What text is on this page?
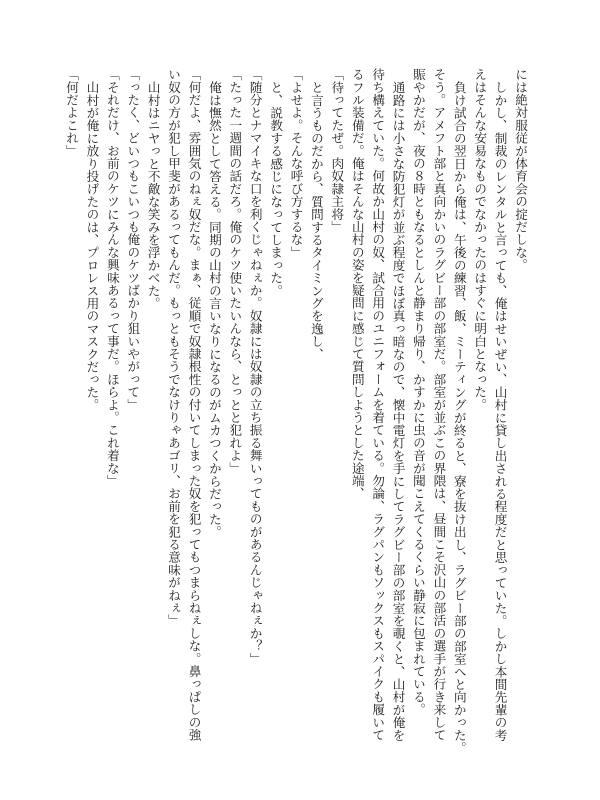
には絶対服従が体育会の掟だしな。
しかし、制裁のレンタルと言っても、俺はせいぜい、山村に貸し出される程度だと思っていた。しかし本間先輩の考
えはそんな安易なものでなかったのはすぐに明白となった。
負け試合の翌日から俺は、午後の練習、飯、ミーティングが終ると、寮を抜け出し、ラグビー部の部室へと向かった。
そう。アメフト部と真向かいのラグビー部の部室だ。部室が並ぶこの界隈は、昼間こそ沢山の部活の選手が行き来して
賑やかだが、夜の８時ともなるとしんと静まり帰り、かすかに虫の音が聞こえてくるくらい静寂に包まれている。
通路には小さな防犯灯が並ぶ程度でほぼ真っ暗なので、懐中電灯を手にしてラグビー部の部室を覗くと、山村が俺を
待ち構えていた。何故か山村の奴、試合用のユニフォームを着ている。勿論、ラグパンもソックスもスパイクも履いて
るフル装備だ。俺はそんな山村の姿を疑問に感じて質問しようとした途端、
「待ってたぜ。肉奴隷主将」
と言うものだから、質問するタイミングを逸し、
「よせよ。そんな呼び方するな」
と、説教する感じになってしまった。
「随分とナマイキな口を利くじゃねぇか。奴隷には奴隷の立ち振る舞いってものがあるんじゃねぇか？」
「たった一週間の話だろ。俺のケツ使いたいんなら、とっとと犯れよ」
俺は憮然として答える。同期の山村の言いなりになるのがムカつくからだった。
「何だよ、雰囲気のねぇ奴だな。まぁ、従順で奴隷根性の付いてしまった奴を犯ってもつまらねぇしな。鼻っぱしの強
い奴の方が犯し甲斐があるってもんだ。もっともそうでなけりゃあゴリ、お前を犯る意味がねぇ」
山村はニヤっと不敵な笑みを浮かべた。
「ったく、どいつもこいつも俺のケツばかり狙いやがって」
「それだけ、お前のケツにみんな興味あるって事だ。ほらよ。これ着な」
山村が俺に放り投げたのは、プロレス用のマスクだった。
「何だよこれ」
